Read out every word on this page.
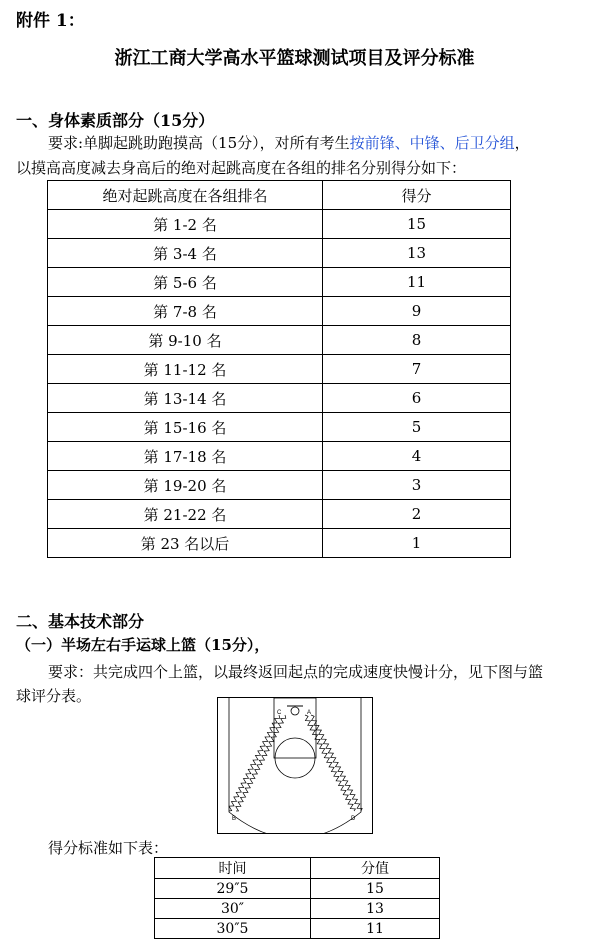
附件 1：
浙江工商大学高水平篮球测试项目及评分标准
一、身体素质部分（15分）
要求:单脚起跳助跑摸高（15分），对所有考生按前锋、中锋、后卫分组，
以摸高高度减去身高后的绝对起跳高度在各组的排名分别得分如下：
绝对起跳高度在各组排名	得分
第 1-2 名	15
第 3-4 名	13
第 5-6 名	11
第 7-8 名	9
第 9-10 名	8
第 11-12 名	7
第 13-14 名	6
第 15-16 名	5
第 17-18 名	4
第 19-20 名	3
第 21-22 名	2
第 23 名以后	1
二、基本技术部分
（一）半场左右手运球上篮（15分），
要求：共完成四个上篮，以最终返回起点的完成速度快慢计分，见下图与篮
球评分表。
C	A
B	D
得分标准如下表：
时间	分值
29″5	15
30″	13
30″5	11
